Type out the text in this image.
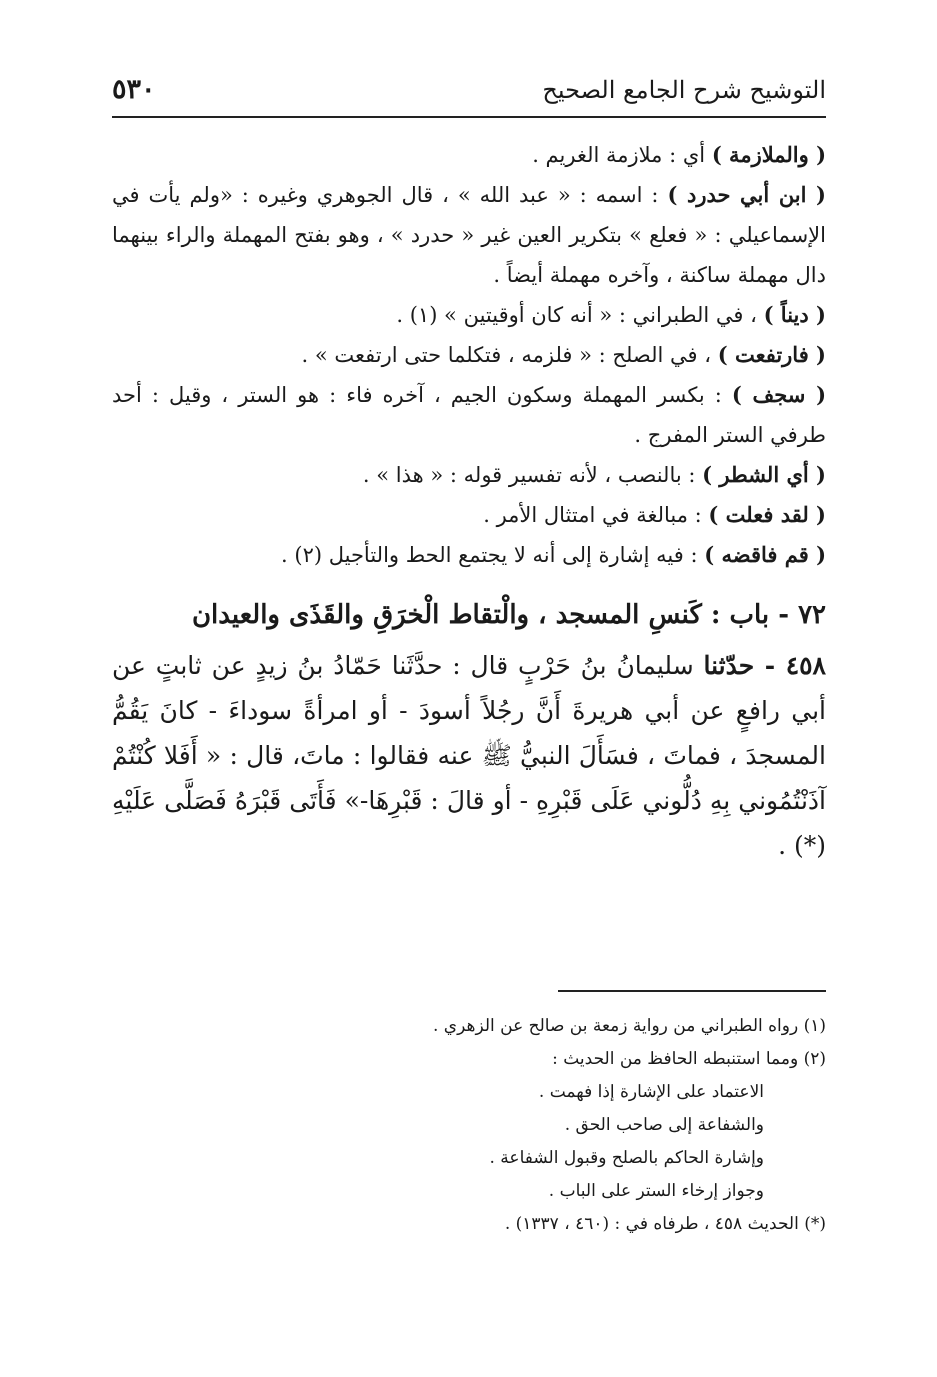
٥٣٠	التوشيح شرح الجامع الصحيح

( والملازمة ) أي : ملازمة الغريم .

( ابن أبي حدرد ) : اسمه : « عبد الله » ، قال الجوهري وغيره : «ولم يأت في الإسماعيلي : « فعلع » بتكرير العين غير « حدرد » ، وهو بفتح المهملة والراء بينهما دال مهملة ساكنة ، وآخره مهملة أيضاً .

( ديناً ) ، في الطبراني : « أنه كان أوقيتين » (١) .

( فارتفعت ) ، في الصلح : « فلزمه ، فتكلما حتى ارتفعت » .

( سجف ) : بكسر المهملة وسكون الجيم ، آخره فاء : هو الستر ، وقيل : أحد طرفي الستر المفرج .

( أي الشطر ) : بالنصب ، لأنه تفسير قوله : « هذا » .

( لقد فعلت ) : مبالغة في امتثال الأمر .

( قم فاقضه ) : فيه إشارة إلى أنه لا يجتمع الحط والتأجيل (٢) .

٧٢ - باب : كَنسِ المسجد ، والْتقاط الْخرَقِ والقَذَى والعيدان

٤٥٨ - حدّثنا سليمانُ بنُ حَرْبٍ قال : حدَّثَنا حَمّادُ بنُ زيدٍ عن ثابتٍ عن أبي رافعٍ عن أبي هريرةَ أَنَّ رجُلاً أسودَ - أو امرأةً سوداءَ - كانَ يَقُمُّ المسجدَ ، فماتَ ، فسَأَلَ النبيُّ ﷺ عنه فقالوا : ماتَ، قال : « أَفَلا كُنْتُمْ آذَنْتُمُوني بِهِ دُلُّوني عَلَى قَبْرِهِ - أو قالَ : قَبْرِهَا-» فَأَتَى قَبْرَهُ فَصَلَّى عَلَيْهِ (*) .

(١) رواه الطبراني من رواية زمعة بن صالح عن الزهري .

(٢) ومما استنبطه الحافظ من الحديث :

الاعتماد على الإشارة إذا فهمت .

والشفاعة إلى صاحب الحق .

وإشارة الحاكم بالصلح وقبول الشفاعة .

وجواز إرخاء الستر على الباب .

(*) الحديث ٤٥٨ ، طرفاه في : (٤٦٠ ، ١٣٣٧) .
